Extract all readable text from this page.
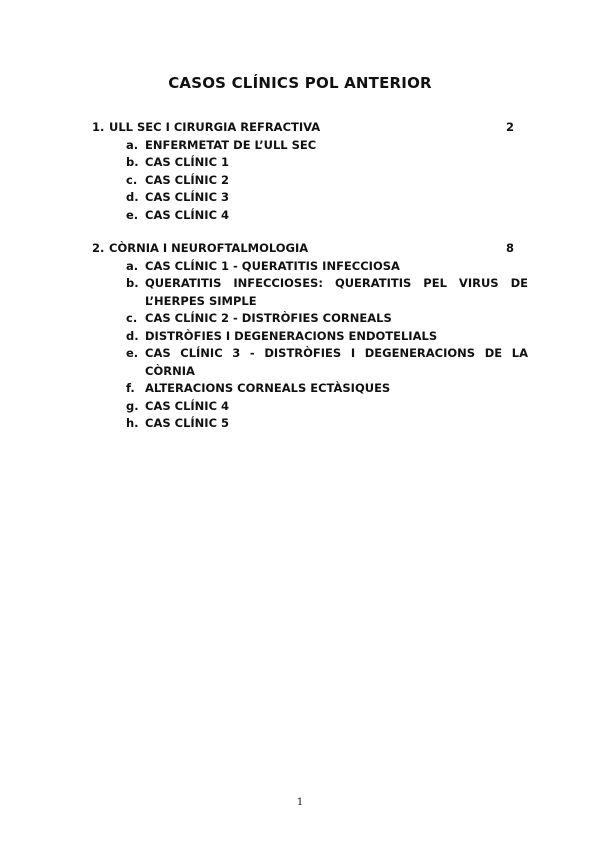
CASOS CLÍNICS POL ANTERIOR
1. ULL SEC I CIRURGIA REFRACTIVA	2
a. ENFERMETAT DE L’ULL SEC
b. CAS CLÍNIC 1
c. CAS CLÍNIC 2
d. CAS CLÍNIC 3
e. CAS CLÍNIC 4
2. CÒRNIA I NEUROFTALMOLOGIA	8
a. CAS CLÍNIC 1 - QUERATITIS INFECCIOSA
b. QUERATITIS INFECCIOSES: QUERATITIS PEL VIRUS DE L’HERPES SIMPLE
c. CAS CLÍNIC 2 - DISTRÒFIES CORNEALS
d. DISTRÒFIES I DEGENERACIONS ENDOTELIALS
e. CAS CLÍNIC 3 - DISTRÒFIES I DEGENERACIONS DE LA CÒRNIA
f. ALTERACIONS CORNEALS ECTÀSIQUES
g. CAS CLÍNIC 4
h. CAS CLÍNIC 5
1
